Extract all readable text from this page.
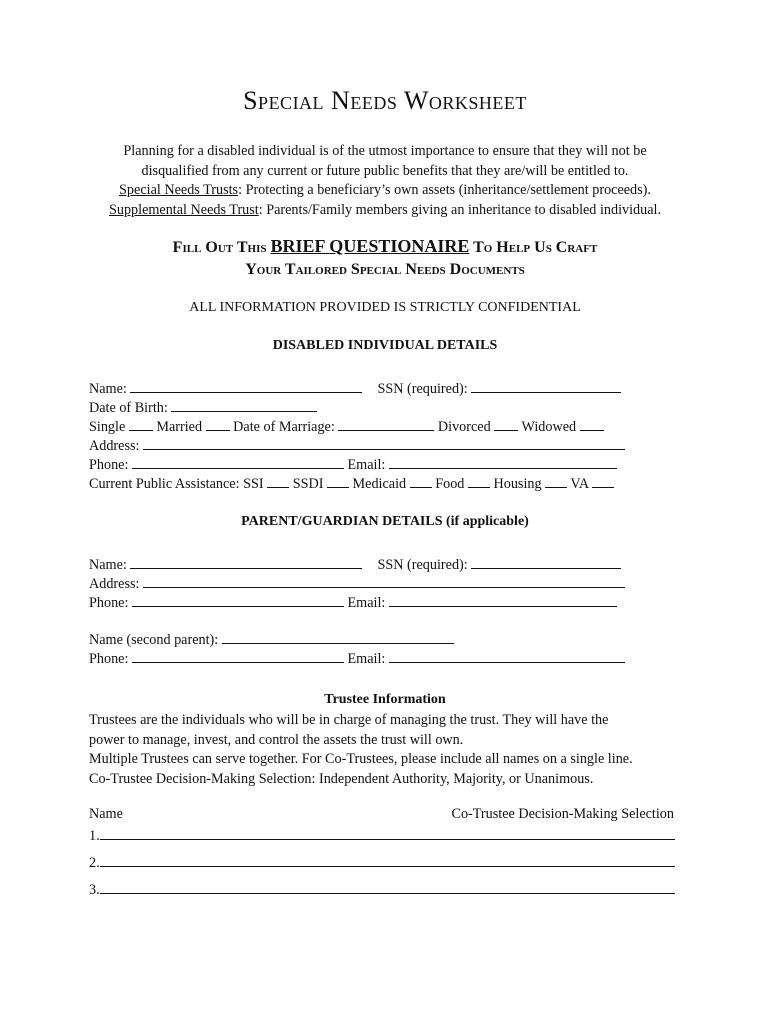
Special Needs Worksheet
Planning for a disabled individual is of the utmost importance to ensure that they will not be
disqualified from any current or future public benefits that they are/will be entitled to.
Special Needs Trusts: Protecting a beneficiary’s own assets (inheritance/settlement proceeds).
Supplemental Needs Trust: Parents/Family members giving an inheritance to disabled individual.
Fill Out This BRIEF QUESTIONAIRE To Help Us Craft
Your Tailored Special Needs Documents
ALL INFORMATION PROVIDED IS STRICTLY CONFIDENTIAL
DISABLED INDIVIDUAL DETAILS
Name:	SSN (required):
Date of Birth:
Single Married Date of Marriage:	Divorced Widowed
Address:
Phone:	Email:
Current Public Assistance: SSI SSDI Medicaid Food Housing VA
PARENT/GUARDIAN DETAILS (if applicable)
Name:	SSN (required):
Address:
Phone:	Email:
Name (second parent):
Phone:	Email:
Trustee Information
Trustees are the individuals who will be in charge of managing the trust. They will have the
power to manage, invest, and control the assets the trust will own.
Multiple Trustees can serve together. For Co-Trustees, please include all names on a single line.
Co-Trustee Decision-Making Selection: Independent Authority, Majority, or Unanimous.
Name	Co-Trustee Decision-Making Selection
1.
2.
3.
